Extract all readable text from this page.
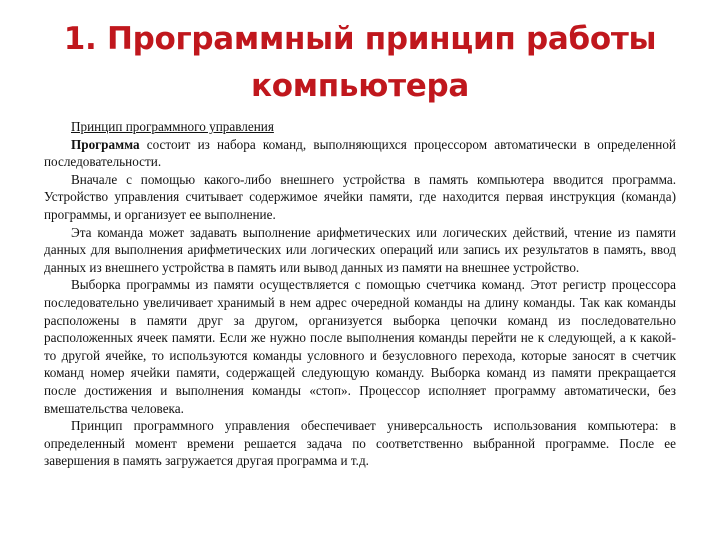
1. Программный принцип работы
компьютера

Принцип программного управления

Программа состоит из набора команд, выполняющихся процессором автоматически в определенной последовательности.

Вначале с помощью какого-либо внешнего устройства в память компьютера вводится программа. Устройство управления считывает содержимое ячейки памяти, где находится первая инструкция (команда) программы, и организует ее выполнение.

Эта команда может задавать выполнение арифметических или логических действий, чтение из памяти данных для выполнения арифметических или логических операций или запись их результатов в память, ввод данных из внешнего устройства в память или вывод данных из памяти на внешнее устройство.

Выборка программы из памяти осуществляется с помощью счетчика команд. Этот регистр процессора последовательно увеличивает хранимый в нем адрес очередной команды на длину команды. Так как команды расположены в памяти друг за другом, организуется выборка цепочки команд из последовательно расположенных ячеек памяти. Если же нужно после выполнения команды перейти не к следующей, а к какой-то другой ячейке, то используются команды условного и безусловного перехода, которые заносят в счетчик команд номер ячейки памяти, содержащей следующую команду. Выборка команд из памяти прекращается после достижения и выполнения команды «стоп». Процессор исполняет программу автоматически, без вмешательства человека.

Принцип программного управления обеспечивает универсальность использования компьютера: в определенный момент времени решается задача по соответственно выбранной программе. После ее завершения в память загружается другая программа и т.д.
